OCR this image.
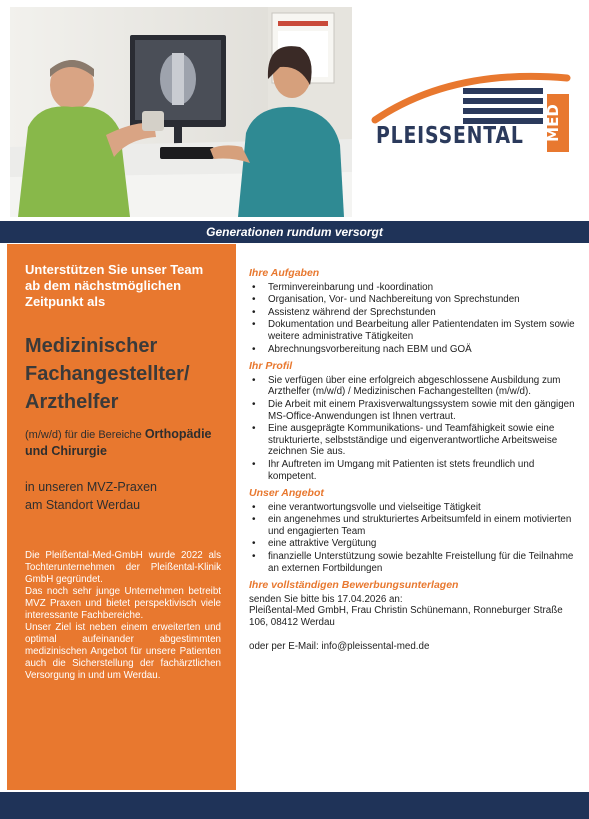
MED
PLEISSENTAL
Generationen rundum versorgt

Unterstützen Sie unser Team ab dem nächstmöglichen Zeitpunkt als

Medizinischer
Fachangestellter/
Arzthelfer

(m/w/d) für die Bereiche Orthopädie und Chirurgie

in unseren MVZ-Praxen
am Standort Werdau

Die Pleißental-Med-GmbH wurde 2022 als Tochterunternehmen der Pleißental-Klinik GmbH gegründet.

Das noch sehr junge Unternehmen betreibt MVZ Praxen und bietet perspektivisch viele interessante Fachbereiche.

Unser Ziel ist neben einem erweiterten und optimal aufeinander abgestimmten medizinischen Angebot für unsere Patienten auch die Sicherstellung der fachärztlichen Versorgung in und um Werdau.

Ihre Aufgaben
• Terminvereinbarung und -koordination
• Organisation, Vor- und Nachbereitung von Sprechstunden
• Assistenz während der Sprechstunden
• Dokumentation und Bearbeitung aller Patientendaten im System sowie weitere administrative Tätigkeiten
• Abrechnungsvorbereitung nach EBM und GOÄ
Ihr Profil
• Sie verfügen über eine erfolgreich abgeschlossene Ausbildung zum Arzthelfer (m/w/d) / Medizinischen Fachangestellten (m/w/d).
• Die Arbeit mit einem Praxisverwaltungssystem sowie mit den gängigen MS-Office-Anwendungen ist Ihnen vertraut.
• Eine ausgeprägte Kommunikations- und Teamfähigkeit sowie eine strukturierte, selbstständige und eigenverantwortliche Arbeitsweise zeichnen Sie aus.
• Ihr Auftreten im Umgang mit Patienten ist stets freundlich und kompetent.
Unser Angebot
• eine verantwortungsvolle und vielseitige Tätigkeit
• ein angenehmes und strukturiertes Arbeitsumfeld in einem motivierten und engagierten Team
• eine attraktive Vergütung
• finanzielle Unterstützung sowie bezahlte Freistellung für die Teilnahme an externen Fortbildungen
Ihre vollständigen Bewerbungsunterlagen

senden Sie bitte bis 17.04.2026 an:

Pleißental-Med GmbH, Frau Christin Schünemann, Ronneburger Straße 106, 08412 Werdau

oder per E-Mail: info@pleissental-med.de
